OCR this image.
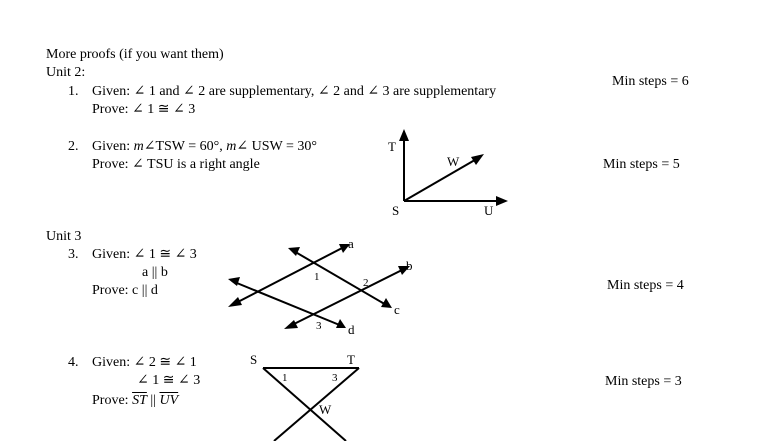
More proofs (if you want them)
Unit 2:
1. Given: ∠ 1 and ∠ 2 are supplementary, ∠ 2 and ∠ 3 are supplementary
Prove: ∠ 1 ≅ ∠ 3
Min steps = 6
2. Given: m∠TSW = 60°, m∠ USW = 30°
Prove: ∠ TSU is a right angle	Min steps = 5
T
W
S	U
Unit 3
3. Given: ∠ 1 ≅ ∠ 3
a || b
Prove: c || d	Min steps = 4
a
b
c
d
1	2
3
4. Given: ∠ 2 ≅ ∠ 1
∠ 1 ≅ ∠ 3
Prove: $\overline{ST}$ || $\overline{UV}$
Min steps = 3
S	T
1	3
W
